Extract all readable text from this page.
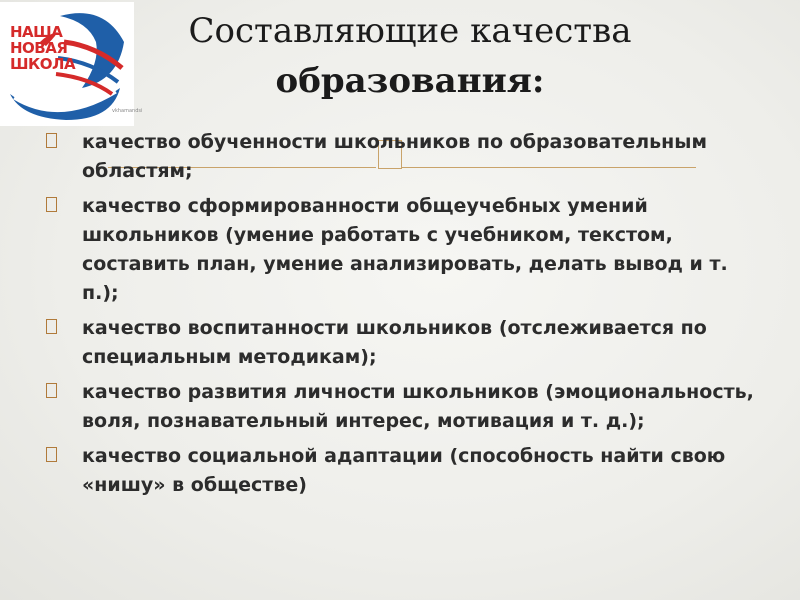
НАША
НОВАЯ
ШКОЛА
vkhamandsi
Составляющие качества
образования:
качество обученности школьников по образовательным областям;
качество сформированности общеучебных умений школьников (умение работать с учебником, текстом, составить план, умение анализировать, делать вывод и т. п.);
качество воспитанности школьников (отслеживается по специальным методикам);
качество развития личности школьников (эмоциональность, воля, познавательный интерес, мотивация и т. д.);
качество социальной адаптации (способность найти свою «нишу» в обществе)
